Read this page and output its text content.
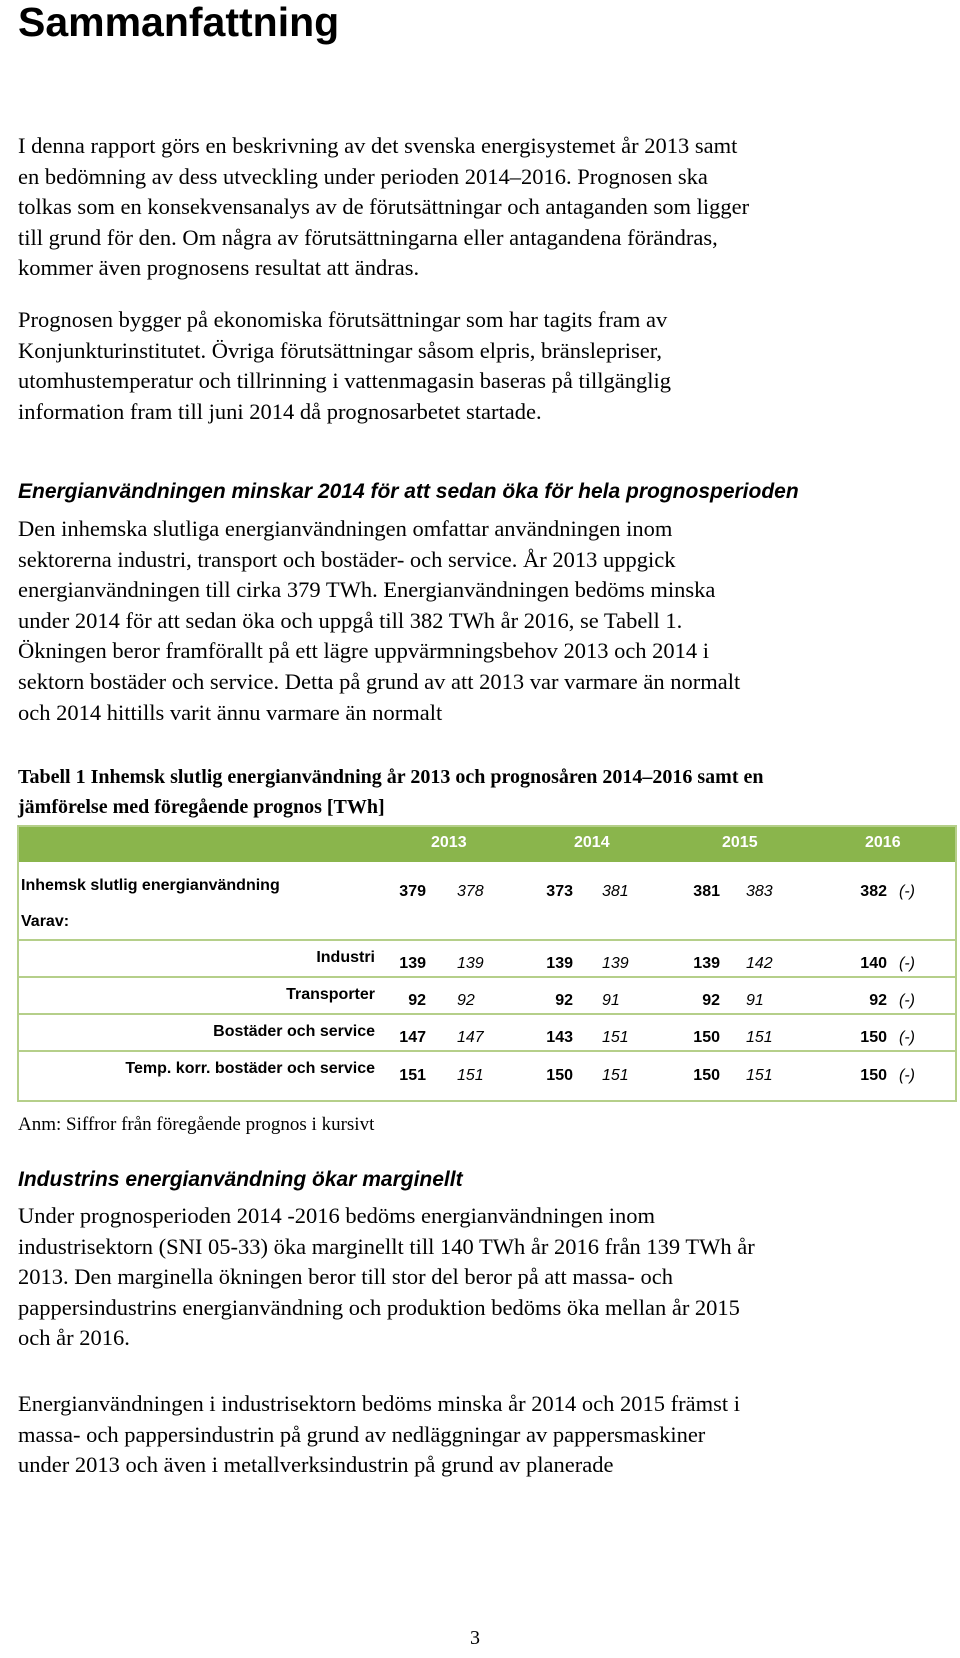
Sammanfattning

I denna rapport görs en beskrivning av det svenska energisystemet år 2013 samt
en bedömning av dess utveckling under perioden 2014–2016. Prognosen ska
tolkas som en konsekvensanalys av de förutsättningar och antaganden som ligger
till grund för den. Om några av förutsättningarna eller antagandena förändras,
kommer även prognosens resultat att ändras.

Prognosen bygger på ekonomiska förutsättningar som har tagits fram av
Konjunkturinstitutet. Övriga förutsättningar såsom elpris, bränslepriser,
utomhustemperatur och tillrinning i vattenmagasin baseras på tillgänglig
information fram till juni 2014 då prognosarbetet startade.

Energianvändningen minskar 2014 för att sedan öka för hela prognosperioden

Den inhemska slutliga energianvändningen omfattar användningen inom
sektorerna industri, transport och bostäder- och service. År 2013 uppgick
energianvändningen till cirka 379 TWh. Energianvändningen bedöms minska
under 2014 för att sedan öka och uppgå till 382 TWh år 2016, se Tabell 1.
Ökningen beror framförallt på ett lägre uppvärmningsbehov 2013 och 2014 i
sektorn bostäder och service. Detta på grund av att 2013 var varmare än normalt
och 2014 hittills varit ännu varmare än normalt

Tabell 1 Inhemsk slutlig energianvändning år 2013 och prognosåren 2014–2016 samt en
jämförelse med föregående prognos [TWh]

2013	2014	2015	2016
Inhemsk slutlig energianvändning	379 378	373 381	381 383	382 (-)
Varav:
Industri	139 139	139 139	139 142	140 (-)
Transporter	92 92	92 91	92 91	92 (-)
Bostäder och service	147 147	143 151	150 151	150 (-)
Temp. korr. bostäder och service	151 151	150 151	150 151	150 (-)
Anm: Siffror från föregående prognos i kursivt
Industrins energianvändning ökar marginellt

Under prognosperioden 2014 -2016 bedöms energianvändningen inom
industrisektorn (SNI 05-33) öka marginellt till 140 TWh år 2016 från 139 TWh år
2013. Den marginella ökningen beror till stor del beror på att massa- och
pappersindustrins energianvändning och produktion bedöms öka mellan år 2015
och år 2016.

Energianvändningen i industrisektorn bedöms minska år 2014 och 2015 främst i
massa- och pappersindustrin på grund av nedläggningar av pappersmaskiner
under 2013 och även i metallverksindustrin på grund av planerade

3
